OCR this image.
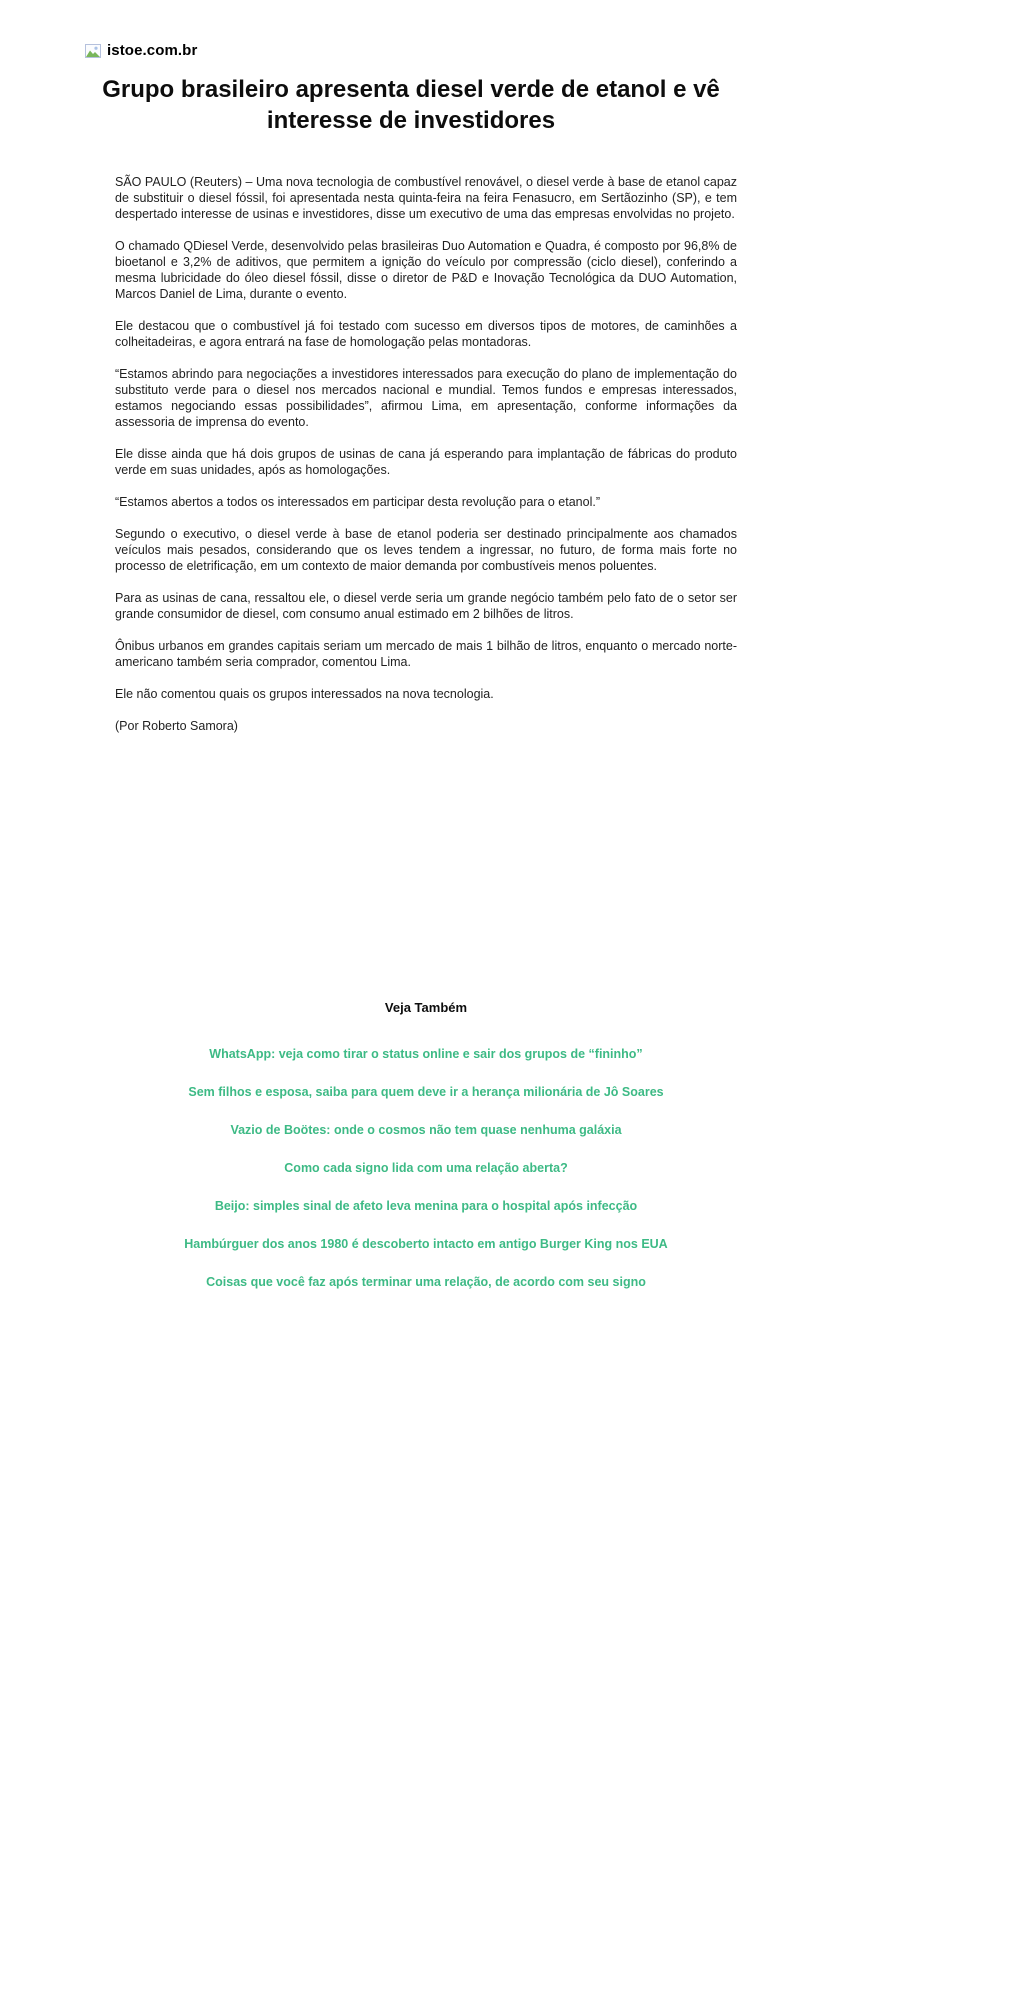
istoe.com.br
Grupo brasileiro apresenta diesel verde de etanol e vê interesse de investidores

SÃO PAULO (Reuters) – Uma nova tecnologia de combustível renovável, o diesel verde à base de etanol capaz de substituir o diesel fóssil, foi apresentada nesta quinta-feira na feira Fenasucro, em Sertãozinho (SP), e tem despertado interesse de usinas e investidores, disse um executivo de uma das empresas envolvidas no projeto.

O chamado QDiesel Verde, desenvolvido pelas brasileiras Duo Automation e Quadra, é composto por 96,8% de bioetanol e 3,2% de aditivos, que permitem a ignição do veículo por compressão (ciclo diesel), conferindo a mesma lubricidade do óleo diesel fóssil, disse o diretor de P&D e Inovação Tecnológica da DUO Automation, Marcos Daniel de Lima, durante o evento.

Ele destacou que o combustível já foi testado com sucesso em diversos tipos de motores, de caminhões a colheitadeiras, e agora entrará na fase de homologação pelas montadoras.

“Estamos abrindo para negociações a investidores interessados para execução do plano de implementação do substituto verde para o diesel nos mercados nacional e mundial. Temos fundos e empresas interessados, estamos negociando essas possibilidades”, afirmou Lima, em apresentação, conforme informações da assessoria de imprensa do evento.

Ele disse ainda que há dois grupos de usinas de cana já esperando para implantação de fábricas do produto verde em suas unidades, após as homologações.

“Estamos abertos a todos os interessados em participar desta revolução para o etanol.”

Segundo o executivo, o diesel verde à base de etanol poderia ser destinado principalmente aos chamados veículos mais pesados, considerando que os leves tendem a ingressar, no futuro, de forma mais forte no processo de eletrificação, em um contexto de maior demanda por combustíveis menos poluentes.

Para as usinas de cana, ressaltou ele, o diesel verde seria um grande negócio também pelo fato de o setor ser grande consumidor de diesel, com consumo anual estimado em 2 bilhões de litros.

Ônibus urbanos em grandes capitais seriam um mercado de mais 1 bilhão de litros, enquanto o mercado norte-americano também seria comprador, comentou Lima.

Ele não comentou quais os grupos interessados na nova tecnologia.

(Por Roberto Samora)

Veja Também
WhatsApp: veja como tirar o status online e sair dos grupos de “fininho”
Sem filhos e esposa, saiba para quem deve ir a herança milionária de Jô Soares
Vazio de Boötes: onde o cosmos não tem quase nenhuma galáxia
Como cada signo lida com uma relação aberta?
Beijo: simples sinal de afeto leva menina para o hospital após infecção
Hambúrguer dos anos 1980 é descoberto intacto em antigo Burger King nos EUA
Coisas que você faz após terminar uma relação, de acordo com seu signo
